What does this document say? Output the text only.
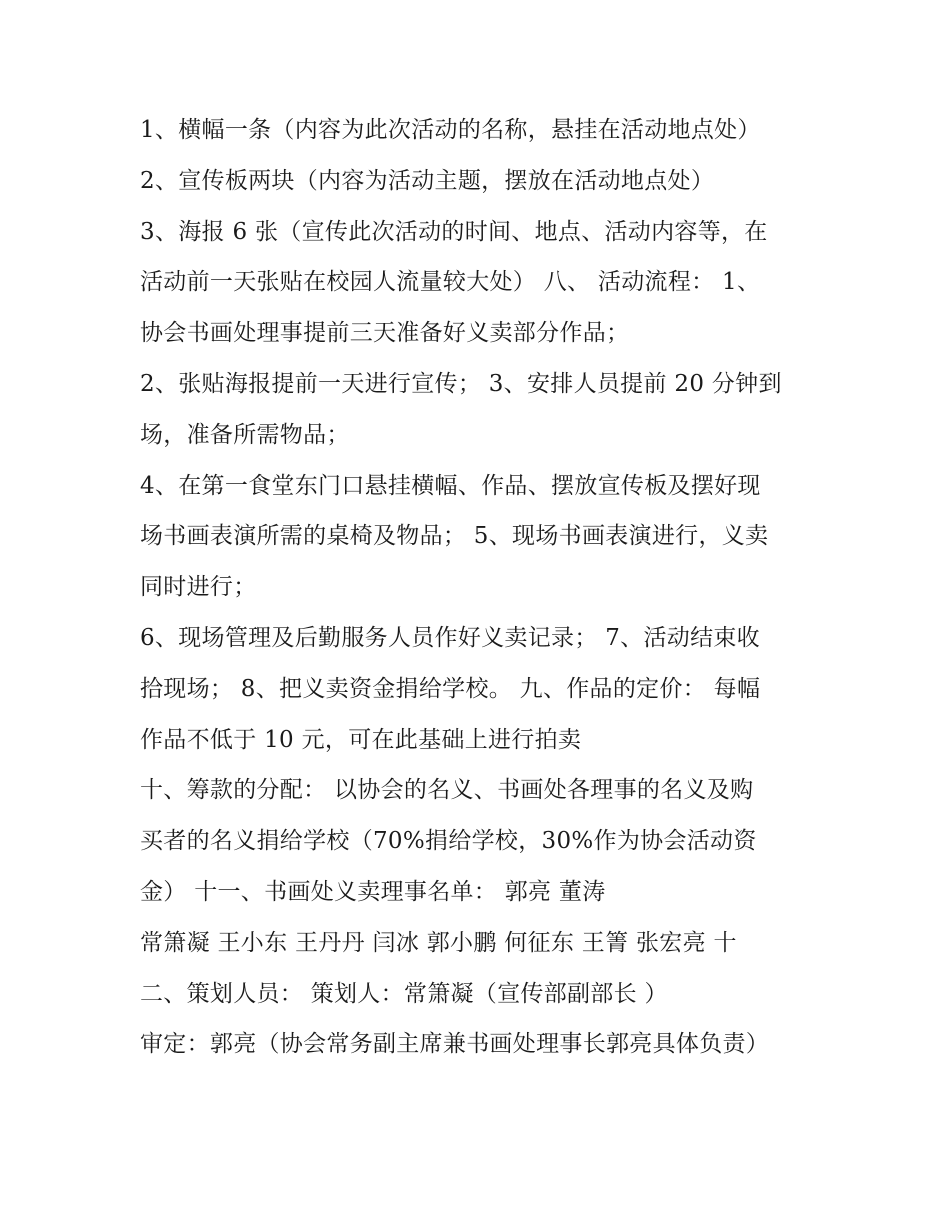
1、横幅一条（内容为此次活动的名称，悬挂在活动地点处）
2、宣传板两块（内容为活动主题，摆放在活动地点处）
3、海报 6 张（宣传此次活动的时间、地点、活动内容等，在
活动前一天张贴在校园人流量较大处） 八、 活动流程： 1、
协会书画处理事提前三天准备好义卖部分作品；
2、张贴海报提前一天进行宣传； 3、安排人员提前 20 分钟到
场，准备所需物品；
4、在第一食堂东门口悬挂横幅、作品、摆放宣传板及摆好现
场书画表演所需的桌椅及物品； 5、现场书画表演进行，义卖
同时进行；
6、现场管理及后勤服务人员作好义卖记录； 7、活动结束收
拾现场； 8、把义卖资金捐给学校。 九、作品的定价： 每幅
作品不低于 10 元，可在此基础上进行拍卖
十、筹款的分配： 以协会的名义、书画处各理事的名义及购
买者的名义捐给学校（70%捐给学校，30%作为协会活动资
金） 十一、书画处义卖理事名单： 郭亮 董涛
常箫凝 王小东 王丹丹 闫冰 郭小鹏 何征东 王箐 张宏亮 十
二、策划人员： 策划人：常箫凝（宣传部副部长 ）
审定：郭亮（协会常务副主席兼书画处理事长郭亮具体负责）
